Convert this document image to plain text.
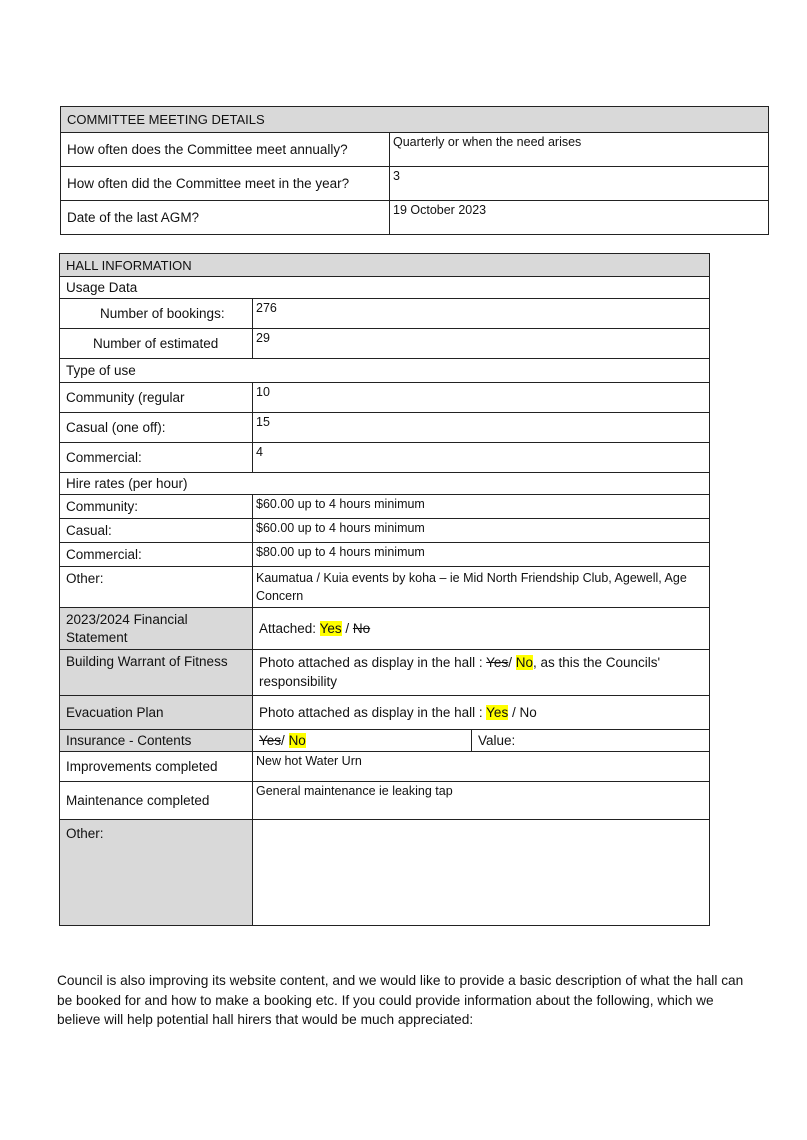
COMMITTEE MEETING DETAILS	
How often does the Committee meet annually?	Quarterly or when the need arises
How often did the Committee meet in the year?	3
Date of the last AGM?	19 October 2023
HALL INFORMATION		
Usage Data		
Number of bookings:	276	
Number of estimated	29	
Type of use		
Community (regular	10	
Casual (one off):	15	
Commercial:	4	
Hire rates (per hour)		
Community:	$60.00 up to 4 hours minimum	
Casual:	$60.00 up to 4 hours minimum	
Commercial:	$80.00 up to 4 hours minimum	
Other:	Kaumatua / Kuia events by koha – ie Mid North Friendship Club, Agewell, Age Concern	
2023/2024 Financial Statement	Attached: Yes / No	
Building Warrant of Fitness	Photo attached as display in the hall : Yes/ No, as this the Councils' responsibility	
Evacuation Plan	Photo attached as display in the hall : Yes / No	
Insurance - Contents	Yes/ No	Value:
Improvements completed	New hot Water Urn	
Maintenance completed	General maintenance ie leaking tap	
Other:		
Council is also improving its website content, and we would like to provide a basic description of what the hall can be booked for and how to make a booking etc. If you could provide information about the following, which we believe will help potential hall hirers that would be much appreciated:
